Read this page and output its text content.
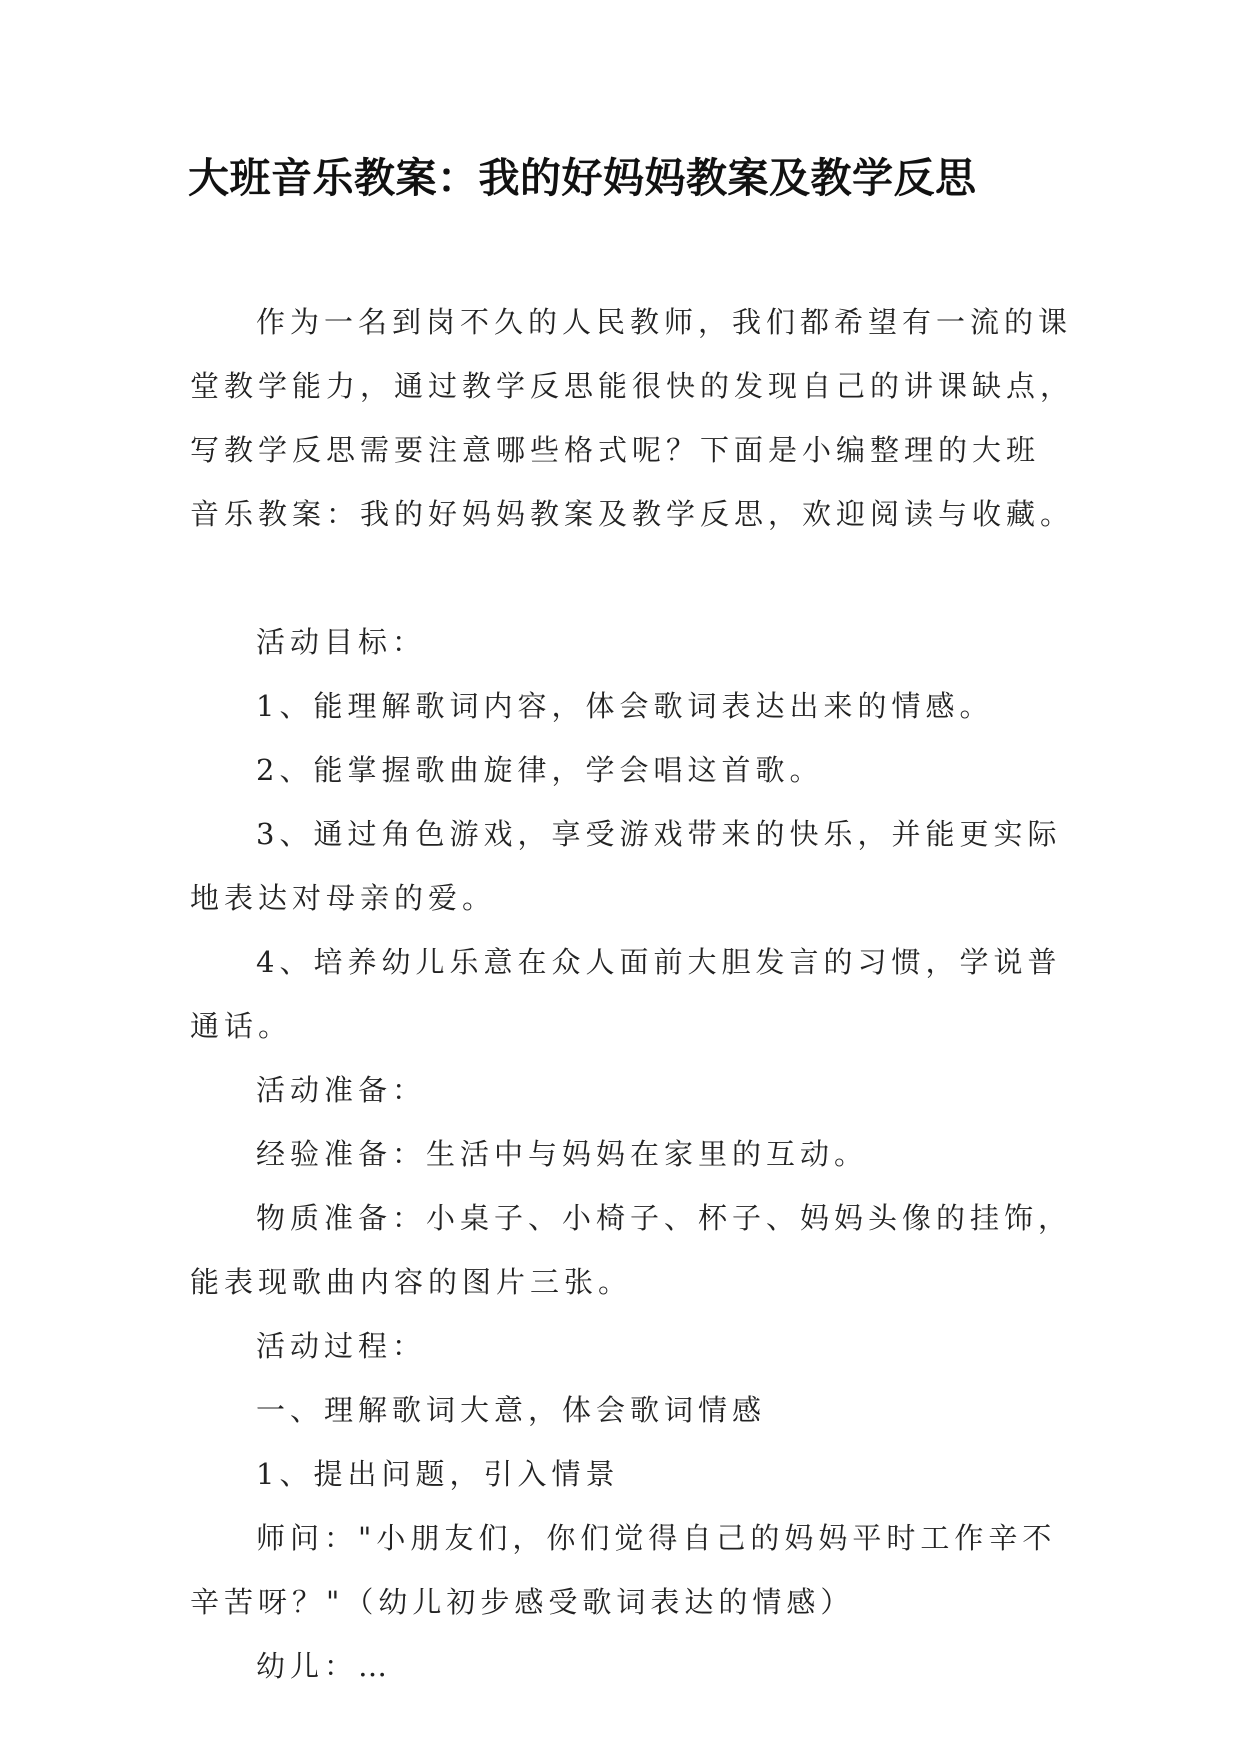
大班音乐教案：我的好妈妈教案及教学反思

作为一名到岗不久的人民教师，我们都希望有一流的课

堂教学能力，通过教学反思能很快的发现自己的讲课缺点，

写教学反思需要注意哪些格式呢？下面是小编整理的大班

音乐教案：我的好妈妈教案及教学反思，欢迎阅读与收藏。

活动目标：

1、能理解歌词内容，体会歌词表达出来的情感。

2、能掌握歌曲旋律，学会唱这首歌。

3、通过角色游戏，享受游戏带来的快乐，并能更实际

地表达对母亲的爱。

4、培养幼儿乐意在众人面前大胆发言的习惯，学说普

通话。

活动准备：

经验准备：生活中与妈妈在家里的互动。

物质准备：小桌子、小椅子、杯子、妈妈头像的挂饰，

能表现歌曲内容的图片三张。

活动过程：

一、理解歌词大意，体会歌词情感

1、提出问题，引入情景

师问："小朋友们，你们觉得自己的妈妈平时工作辛不

辛苦呀？"（幼儿初步感受歌词表达的情感）

幼儿：…
